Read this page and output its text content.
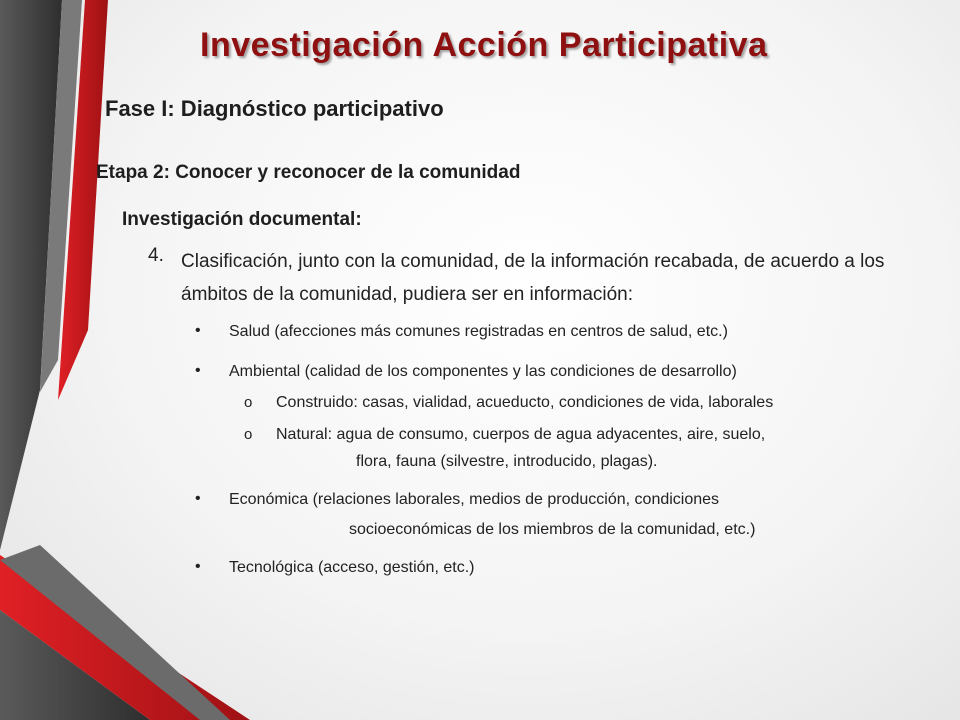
Investigación Acción Participativa
Fase I: Diagnóstico participativo
Etapa 2: Conocer y reconocer de la comunidad
Investigación documental:
4. Clasificación, junto con la comunidad, de la información recabada, de acuerdo a los ámbitos de la comunidad, pudiera ser en información:
• Salud (afecciones más comunes registradas en centros de salud, etc.)
• Ambiental (calidad de los componentes y las condiciones de desarrollo)
o Construido: casas, vialidad, acueducto, condiciones de vida, laborales
o Natural: agua de consumo, cuerpos de agua adyacentes, aire, suelo,
flora, fauna (silvestre, introducido, plagas).
• Económica (relaciones laborales, medios de producción, condiciones
socioeconómicas de los miembros de la comunidad, etc.)
• Tecnológica (acceso, gestión, etc.)
